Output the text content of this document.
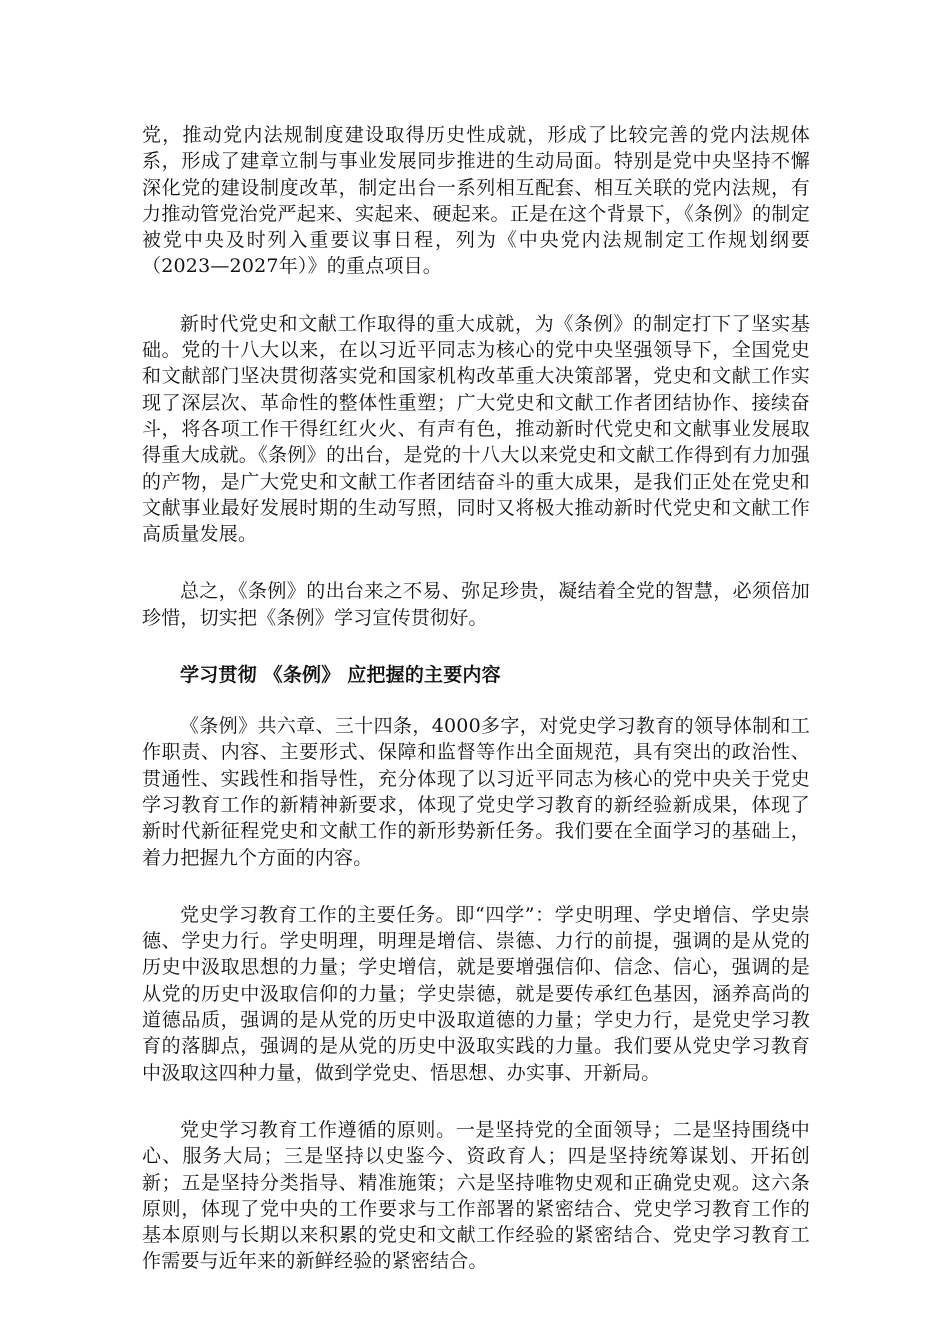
党，推动党内法规制度建设取得历史性成就，形成了比较完善的党内法规体系，形成了建章立制与事业发展同步推进的生动局面。特别是党中央坚持不懈深化党的建设制度改革，制定出台一系列相互配套、相互关联的党内法规，有力推动管党治党严起来、实起来、硬起来。正是在这个背景下，《条例》的制定被党中央及时列入重要议事日程，列为《中央党内法规制定工作规划纲要（2023—2027年）》的重点项目。

新时代党史和文献工作取得的重大成就，为《条例》的制定打下了坚实基础。党的十八大以来，在以习近平同志为核心的党中央坚强领导下，全国党史和文献部门坚决贯彻落实党和国家机构改革重大决策部署，党史和文献工作实现了深层次、革命性的整体性重塑；广大党史和文献工作者团结协作、接续奋斗，将各项工作干得红红火火、有声有色，推动新时代党史和文献事业发展取得重大成就。《条例》的出台，是党的十八大以来党史和文献工作得到有力加强的产物，是广大党史和文献工作者团结奋斗的重大成果，是我们正处在党史和文献事业最好发展时期的生动写照，同时又将极大推动新时代党史和文献工作高质量发展。

总之，《条例》的出台来之不易、弥足珍贵，凝结着全党的智慧，必须倍加珍惜，切实把《条例》学习宣传贯彻好。

学习贯彻 《条例》 应把握的主要内容

《条例》共六章、三十四条，4000多字，对党史学习教育的领导体制和工作职责、内容、主要形式、保障和监督等作出全面规范，具有突出的政治性、贯通性、实践性和指导性，充分体现了以习近平同志为核心的党中央关于党史学习教育工作的新精神新要求，体现了党史学习教育的新经验新成果，体现了新时代新征程党史和文献工作的新形势新任务。我们要在全面学习的基础上，着力把握九个方面的内容。

党史学习教育工作的主要任务。即“四学”：学史明理、学史增信、学史崇德、学史力行。学史明理，明理是增信、崇德、力行的前提，强调的是从党的历史中汲取思想的力量；学史增信，就是要增强信仰、信念、信心，强调的是从党的历史中汲取信仰的力量；学史崇德，就是要传承红色基因，涵养高尚的道德品质，强调的是从党的历史中汲取道德的力量；学史力行，是党史学习教育的落脚点，强调的是从党的历史中汲取实践的力量。我们要从党史学习教育中汲取这四种力量，做到学党史、悟思想、办实事、开新局。

党史学习教育工作遵循的原则。一是坚持党的全面领导；二是坚持围绕中心、服务大局；三是坚持以史鉴今、资政育人；四是坚持统筹谋划、开拓创新；五是坚持分类指导、精准施策；六是坚持唯物史观和正确党史观。这六条原则，体现了党中央的工作要求与工作部署的紧密结合、党史学习教育工作的基本原则与长期以来积累的党史和文献工作经验的紧密结合、党史学习教育工作需要与近年来的新鲜经验的紧密结合。
